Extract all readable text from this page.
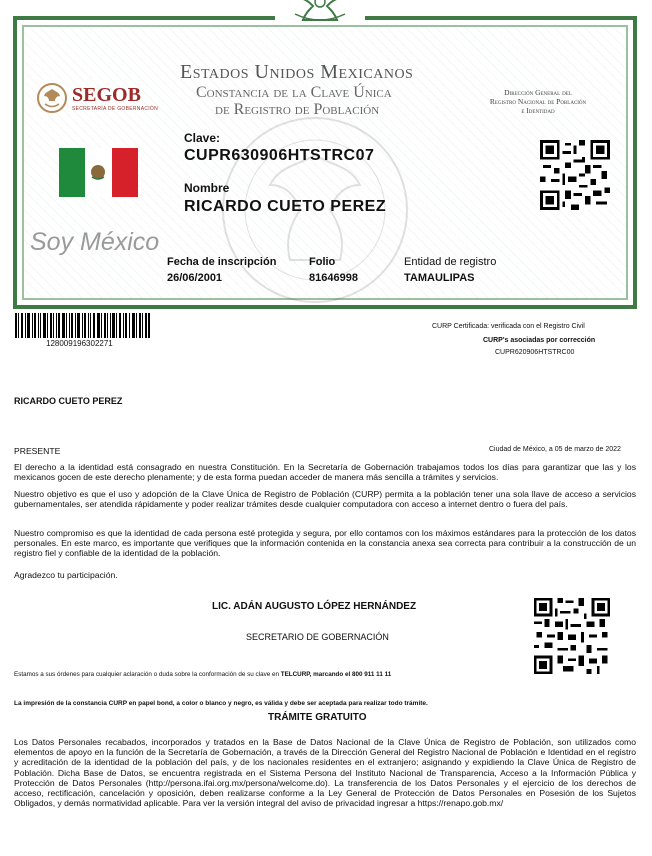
Estados Unidos Mexicanos
Constancia de la Clave Única
de Registro de Población
SEGOB
SECRETARÍA DE GOBERNACIÓN
Dirección General del
Registro Nacional de Población
e Identidad
Clave:
CUPR630906HTSTRC07
Nombre
RICARDO CUETO PEREZ
Soy México
Fecha de inscripción
26/06/2001
Folio
81646998
Entidad de registro
TAMAULIPAS
128009196302271
CURP Certificada: verificada con el Registro Civil
CURP's asociadas por corrección
CUPR620906HTSTRC00
RICARDO CUETO PEREZ
PRESENTE	Ciudad de México, a 05 de marzo de 2022
El derecho a la identidad está consagrado en nuestra Constitución. En la Secretaría de Gobernación trabajamos todos los días para garantizar que las y los mexicanos gocen de este derecho plenamente; y de esta forma puedan acceder de manera más sencilla a trámites y servicios.
Nuestro objetivo es que el uso y adopción de la Clave Única de Registro de Población (CURP) permita a la población tener una sola llave de acceso a servicios gubernamentales, ser atendida rápidamente y poder realizar trámites desde cualquier computadora con acceso a internet dentro o fuera del país.
Nuestro compromiso es que la identidad de cada persona esté protegida y segura, por ello contamos con los máximos estándares para la protección de los datos personales. En este marco, es importante que verifiques que la información contenida en la constancia anexa sea correcta para contribuir a la construcción de un registro fiel y confiable de la identidad de la población.
Agradezco tu participación.
LIC. ADÁN AUGUSTO LÓPEZ HERNÁNDEZ
SECRETARIO DE GOBERNACIÓN
Estamos a sus órdenes para cualquier aclaración o duda sobre la conformación de su clave en TELCURP, marcando el 800 911 11 11
La impresión de la constancia CURP en papel bond, a color o blanco y negro, es válida y debe ser aceptada para realizar todo trámite.
TRÁMITE GRATUITO
Los Datos Personales recabados, incorporados y tratados en la Base de Datos Nacional de la Clave Única de Registro de Población, son utilizados como elementos de apoyo en la función de la Secretaría de Gobernación, a través de la Dirección General del Registro Nacional de Población e Identidad en el registro y acreditación de la identidad de la población del país, y de los nacionales residentes en el extranjero; asignando y expidiendo la Clave Única de Registro de Población. Dicha Base de Datos, se encuentra registrada en el Sistema Persona del Instituto Nacional de Transparencia, Acceso a la Información Pública y Protección de Datos Personales (http://persona.ifai.org.mx/persona/welcome.do). La transferencia de los Datos Personales y el ejercicio de los derechos de acceso, rectificación, cancelación y oposición, deben realizarse conforme a la Ley General de Protección de Datos Personales en Posesión de los Sujetos Obligados, y demás normatividad aplicable. Para ver la versión integral del aviso de privacidad ingresar a https://renapo.gob.mx/
